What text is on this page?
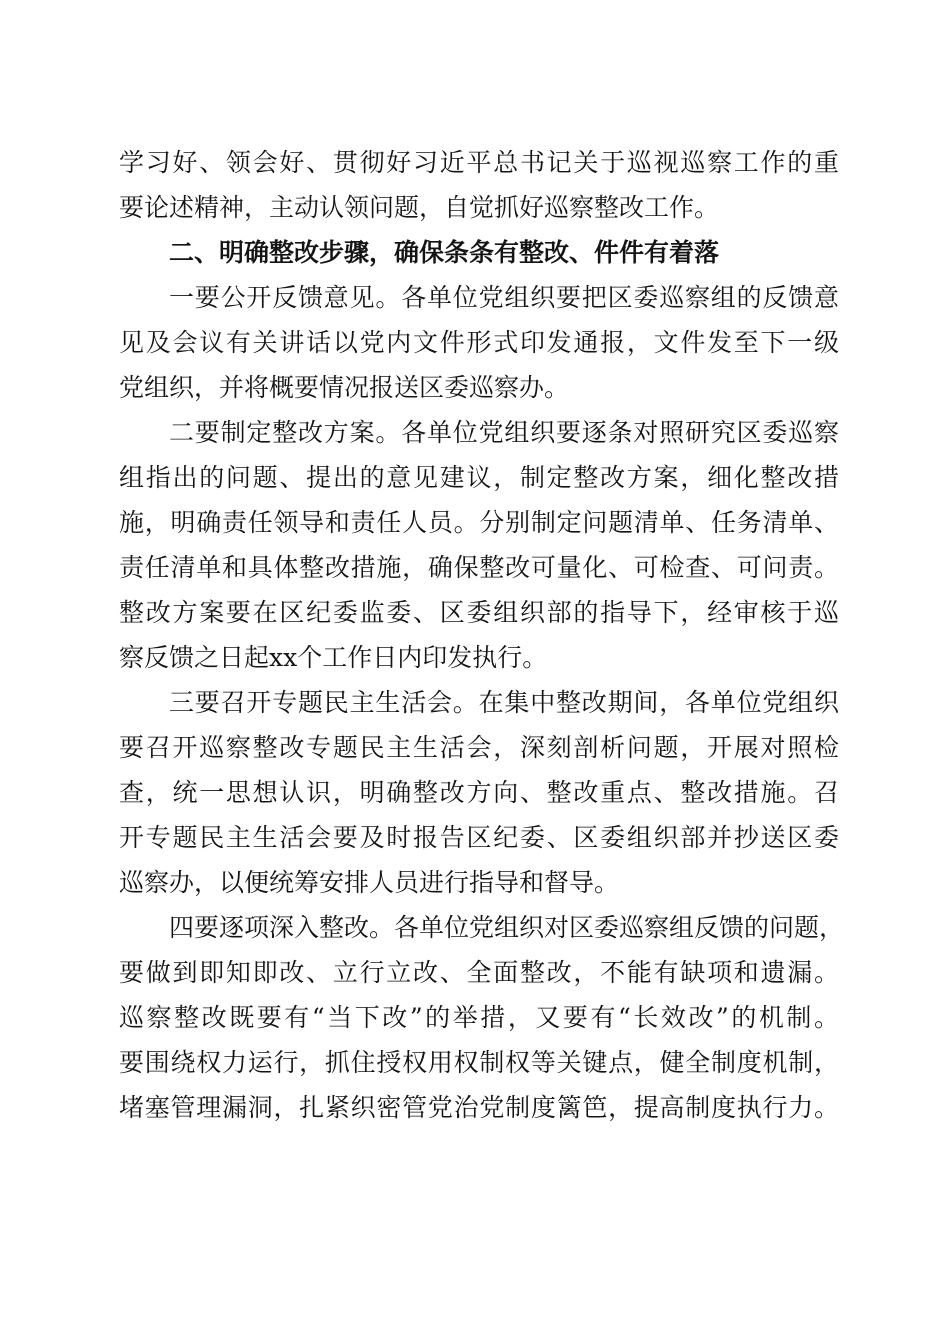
学习好、领会好、贯彻好习近平总书记关于巡视巡察工作的重
要论述精神，主动认领问题，自觉抓好巡察整改工作。
二、明确整改步骤，确保条条有整改、件件有着落
一要公开反馈意见。各单位党组织要把区委巡察组的反馈意
见及会议有关讲话以党内文件形式印发通报，文件发至下一级
党组织，并将概要情况报送区委巡察办。
二要制定整改方案。各单位党组织要逐条对照研究区委巡察
组指出的问题、提出的意见建议，制定整改方案，细化整改措
施，明确责任领导和责任人员。分别制定问题清单、任务清单、
责任清单和具体整改措施，确保整改可量化、可检查、可问责。
整改方案要在区纪委监委、区委组织部的指导下，经审核于巡
察反馈之日起xx个工作日内印发执行。
三要召开专题民主生活会。在集中整改期间，各单位党组织
要召开巡察整改专题民主生活会，深刻剖析问题，开展对照检
查，统一思想认识，明确整改方向、整改重点、整改措施。召
开专题民主生活会要及时报告区纪委、区委组织部并抄送区委
巡察办，以便统筹安排人员进行指导和督导。
四要逐项深入整改。各单位党组织对区委巡察组反馈的问题，
要做到即知即改、立行立改、全面整改，不能有缺项和遗漏。
巡察整改既要有“当下改”的举措，又要有“长效改”的机制。
要围绕权力运行，抓住授权用权制权等关键点，健全制度机制，
堵塞管理漏洞，扎紧织密管党治党制度篱笆，提高制度执行力。
